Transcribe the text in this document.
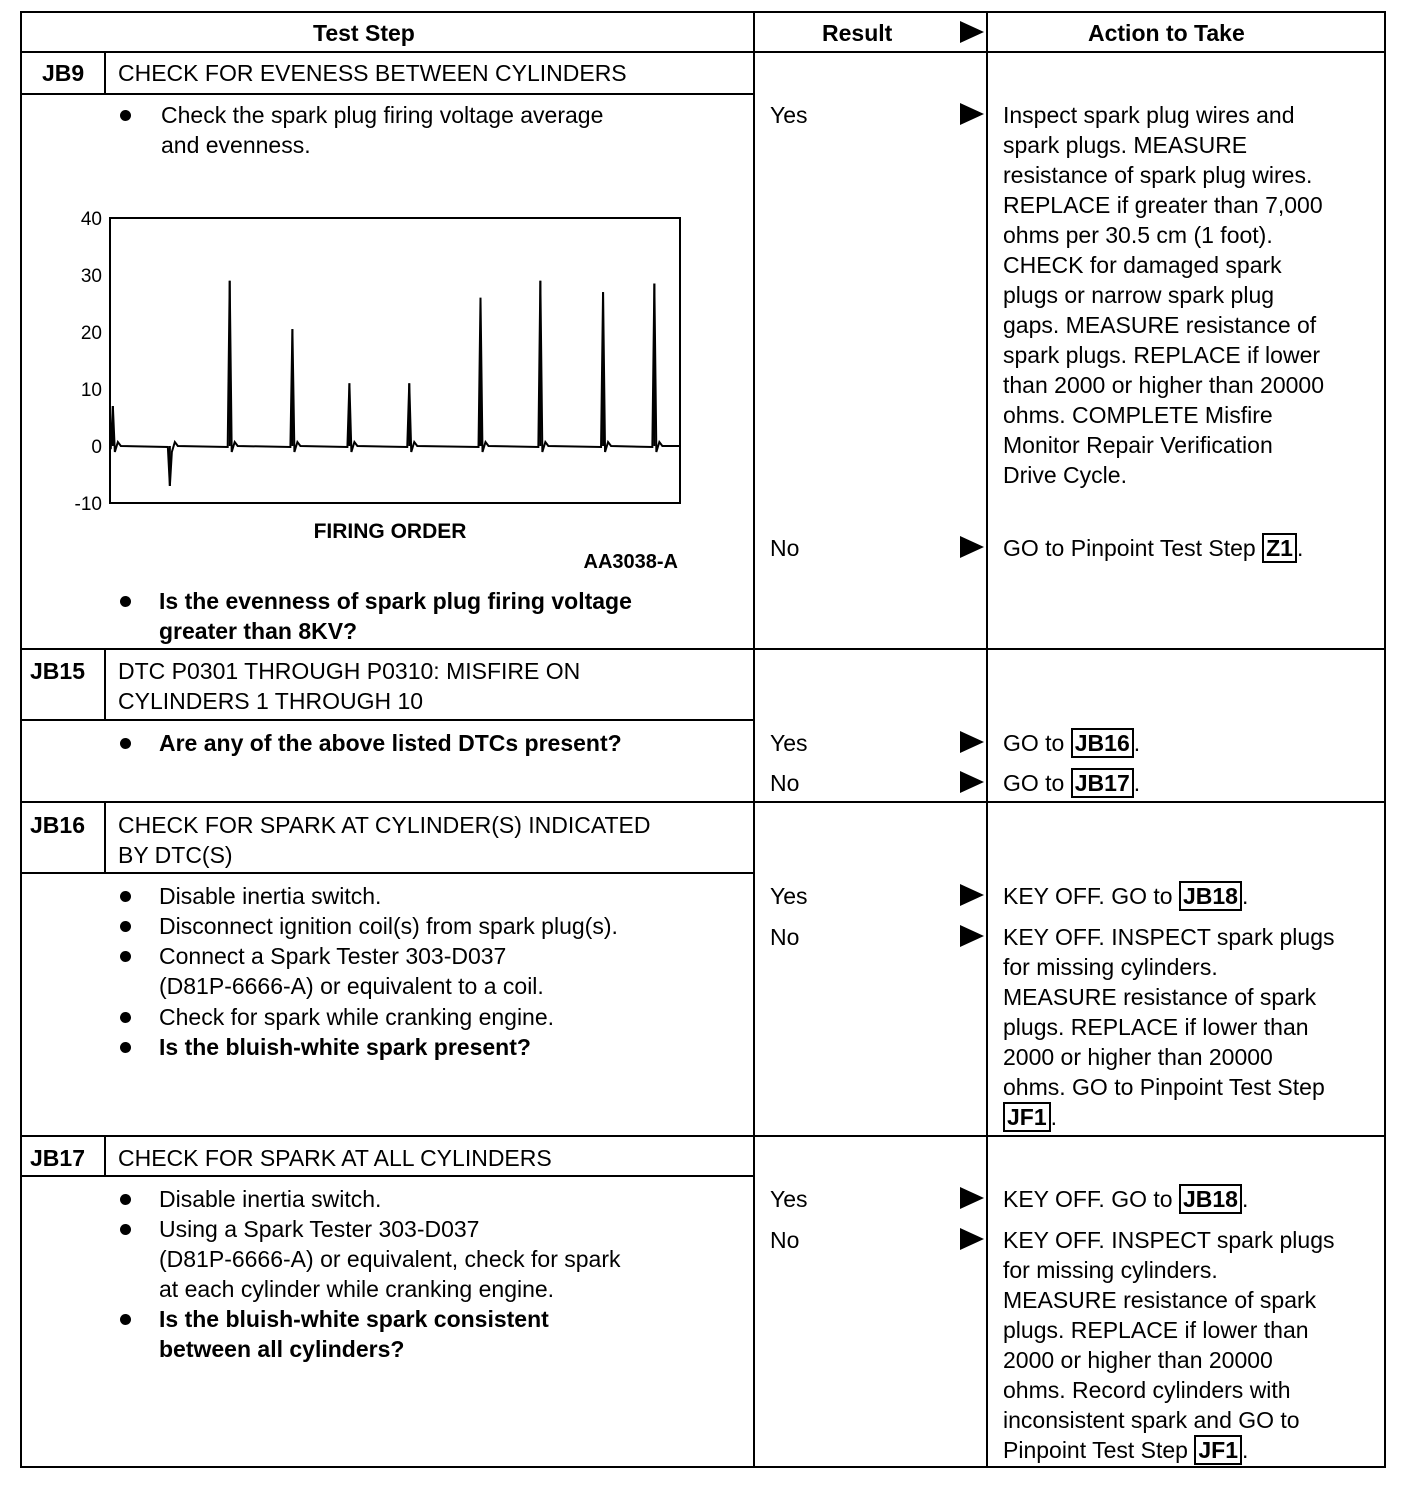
Test Step	Result	Action to Take
JB9 CHECK FOR EVENESS BETWEEN CYLINDERS
Check the spark plug firing voltage average
and evenness.
40
30
20
10
0
-10
FIRING ORDER
AA3038-A
Is the evenness of spark plug firing voltage
greater than 8KV?
Yes	Inspect spark plug wires and
spark plugs. MEASURE
resistance of spark plug wires.
REPLACE if greater than 7,000
ohms per 30.5 cm (1 foot).
CHECK for damaged spark
plugs or narrow spark plug
gaps. MEASURE resistance of
spark plugs. REPLACE if lower
than 2000 or higher than 20000
ohms. COMPLETE Misfire
Monitor Repair Verification
Drive Cycle.
No	GO to Pinpoint Test Step Z1 .
JB15 DTC P0301 THROUGH P0310: MISFIRE ON
CYLINDERS 1 THROUGH 10
Are any of the above listed DTCs present?	Yes	GO to JB16 .
No	GO to JB17 .
JB16 CHECK FOR SPARK AT CYLINDER(S) INDICATED
BY DTC(S)
Disable inertia switch.
Disconnect ignition coil(s) from spark plug(s).
Connect a Spark Tester 303-D037
(D81P-6666-A) or equivalent to a coil.
Check for spark while cranking engine.
Is the bluish-white spark present?
Yes	KEY OFF. GO to JB18 .
No	KEY OFF. INSPECT spark plugs
for missing cylinders.
MEASURE resistance of spark
plugs. REPLACE if lower than
2000 or higher than 20000
ohms. GO to Pinpoint Test Step
JF1 .
JB17 CHECK FOR SPARK AT ALL CYLINDERS
Disable inertia switch.
Using a Spark Tester 303-D037
(D81P-6666-A) or equivalent, check for spark
at each cylinder while cranking engine.
Is the bluish-white spark consistent
between all cylinders?
Yes	KEY OFF. GO to JB18 .
No	KEY OFF. INSPECT spark plugs
for missing cylinders.
MEASURE resistance of spark
plugs. REPLACE if lower than
2000 or higher than 20000
ohms. Record cylinders with
inconsistent spark and GO to
Pinpoint Test Step JF1 .
